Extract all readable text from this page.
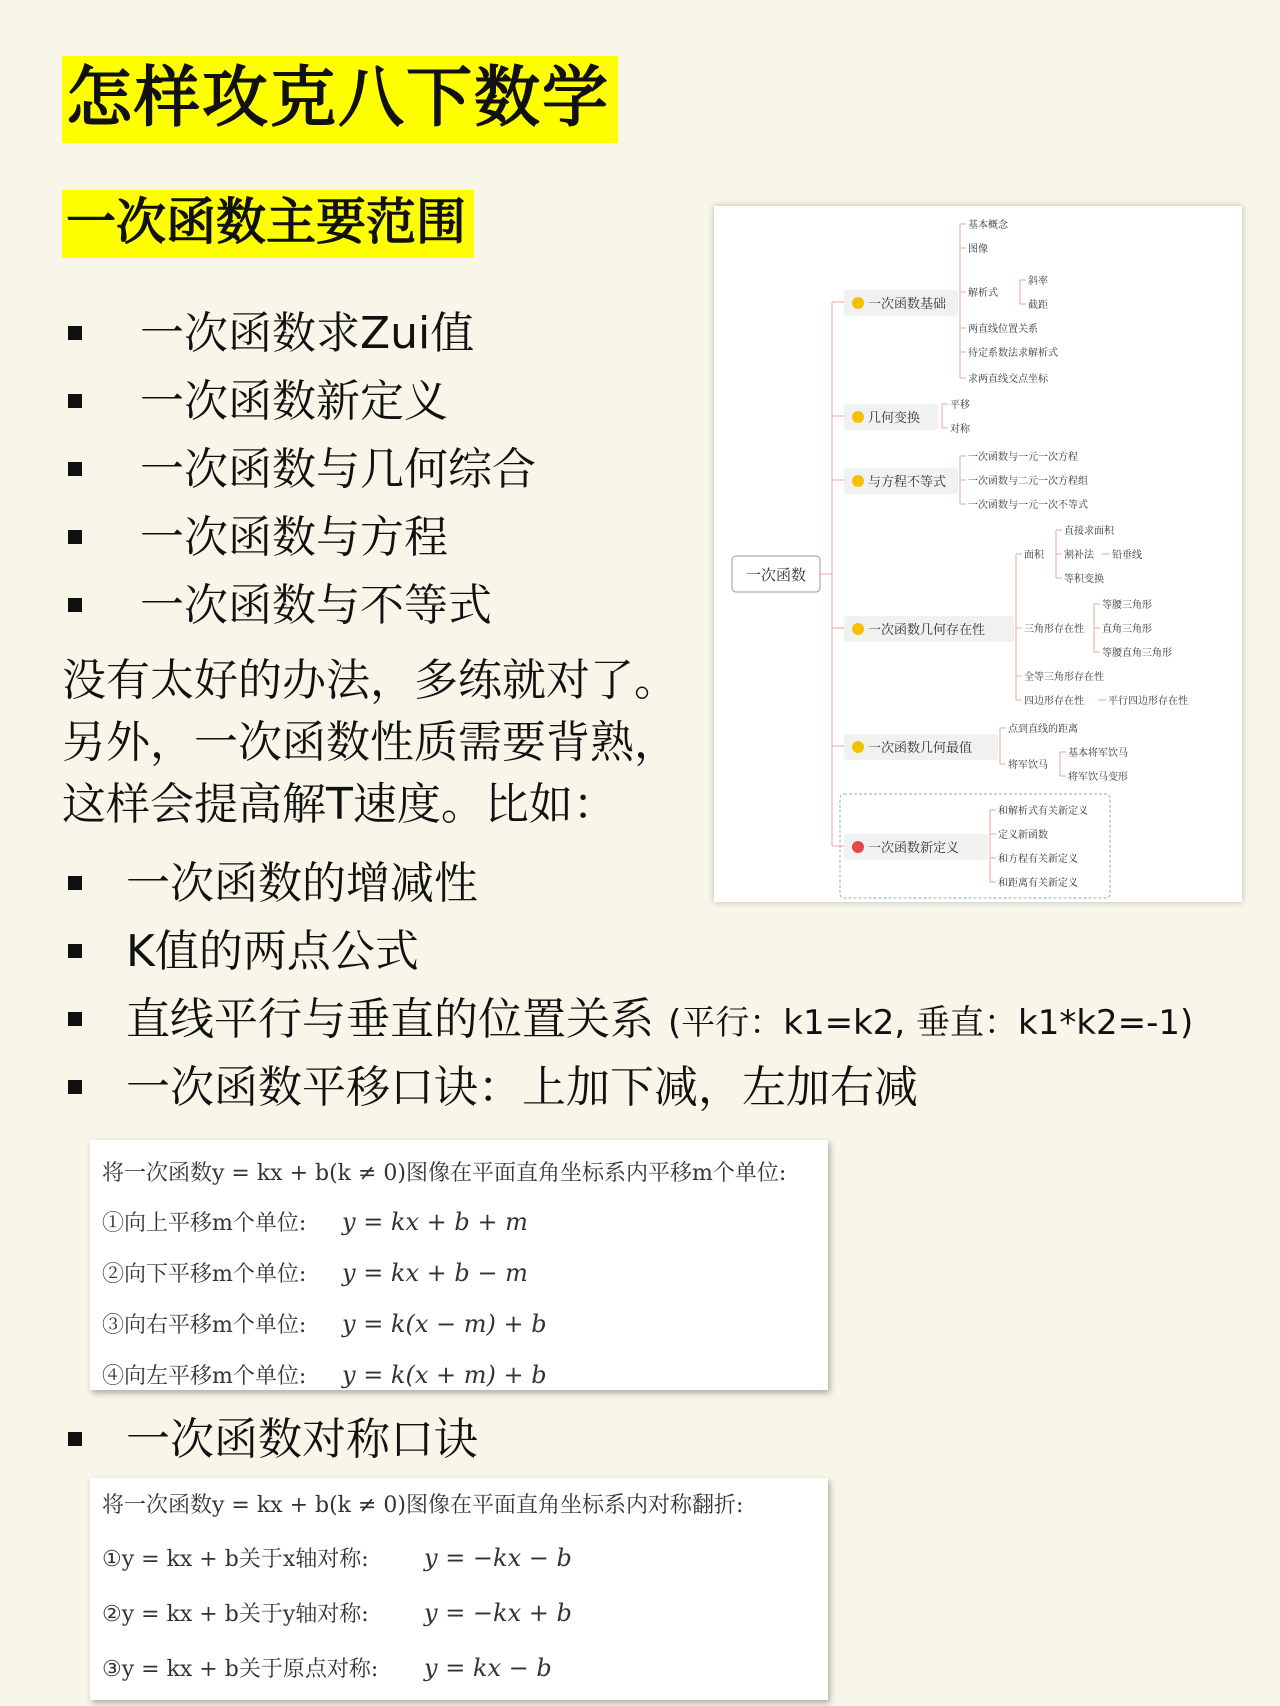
怎样攻克八下数学
一次函数主要范围
一次函数求Zui值
一次函数新定义
一次函数与几何综合
一次函数与方程
一次函数与不等式
没有太好的办法，多练就对了。
另外，一次函数性质需要背熟，
这样会提高解T速度。比如：
一次函数的增减性
K值的两点公式
直线平行与垂直的位置关系 (平行：k1=k2, 垂直：k1*k2=-1)
一次函数平移口诀：上加下减，左加右减
一次函数对称口诀
一次函数
一次函数基础
几何变换
与方程不等式
一次函数几何存在性
一次函数几何最值
一次函数新定义
基本概念
图像
解析式
斜率
截距
两直线位置关系
待定系数法求解析式
求两直线交点坐标
平移
对称
一次函数与一元一次方程
一次函数与二元一次方程组
一次函数与一元一次不等式
面积
直接求面积
割补法 铅垂线
等积变换
三角形存在性
等腰三角形
直角三角形
等腰直角三角形
全等三角形存在性
四边形存在性 平行四边形存在性
点到直线的距离
将军饮马
基本将军饮马
将军饮马变形
和解析式有关新定义
定义新函数
和方程有关新定义
和距离有关新定义
将一次函数y = kx + b(k ≠ 0)图像在平面直角坐标系内平移m个单位:
①向上平移m个单位: y = kx + b + m
②向下平移m个单位: y = kx + b − m
③向右平移m个单位: y = k(x − m) + b
④向左平移m个单位: y = k(x + m) + b
将一次函数y = kx + b(k ≠ 0)图像在平面直角坐标系内对称翻折:
①y = kx + b关于x轴对称: y = −kx − b
②y = kx + b关于y轴对称: y = −kx + b
③y = kx + b关于原点对称: y = kx − b
